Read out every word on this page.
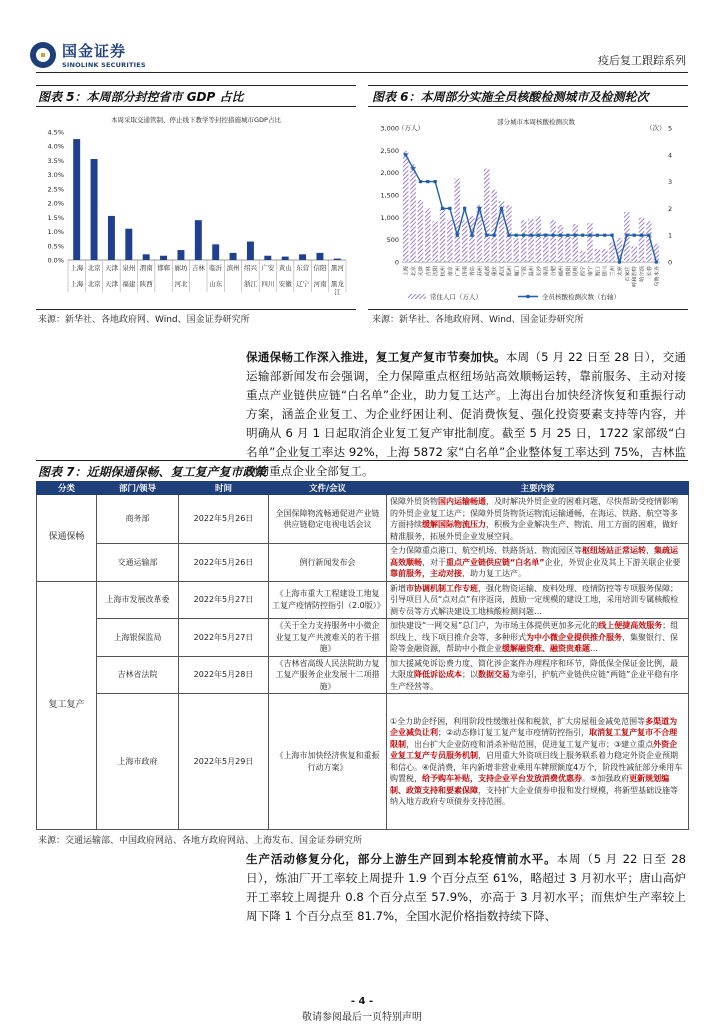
国金证券
SINOLINK SECURITIES	疫后复工跟踪系列
图表 5：本周部分封控省市 GDP 占比	图表 6：本周部分实施全员核酸检测城市及检测轮次
本周采取交通管制、停止线下教学等封控措施城市GDP占比
0.0%
0.5%
1.0%
1.5%
2.0%
2.5%
3.0%
3.5%
4.0%
4.5%
上海 北京 天津 泉州 渭南 邯郸 廊坊 吉林 临沂 滨州 绍兴 广安 黄山 东营 信阳 黑河
上海 北京 天津 福建 陕西	河北	山东	浙江 四川 安徽 辽宁 河南 黑龙江
部分城市本周核酸检测次数
（万人）	（次）
0
500
1,000
1,500
2,000
2,500
3,000
0
1
2
3
4
5
上海 北京 天津 吉林 沈阳 杭州 南京 广州 济南 青岛 苏州 成都 重庆 武汉 郑州 厦门 宁波 温州 长沙 南昌 合肥 福州 贵阳 昆明 西宁 南宁 海口 银川 兰州 太原 石家庄 呼和浩特 哈尔滨 长春 乌鲁木齐
常住人口（万人）	全员核酸检测次数（右轴）
来源：新华社、各地政府网、Wind、国金证券研究所	来源：新华社、各地政府网、Wind、国金证券研究所
保通保畅工作深入推进，复工复产复市节奏加快。本周（5 月 22 日至 28 日），交通运输部新闻发布会强调，全力保障重点枢纽场站高效顺畅运转，靠前服务、主动对接重点产业链供应链“白名单”企业，助力复工达产。上海出台加快经济恢复和重振行动方案，涵盖企业复工、为企业纾困让利、促消费恢复、强化投资要素支持等内容，并明确从 6 月 1 日起取消企业复工复产审批制度。截至 5 月 25 日，1722 家部级“白名单”企业复工率达 92%，上海 5872 家“白名单”企业整体复工率达到 75%，吉林监测的重点企业全部复工。
图表 7：近期保通保畅、复工复产复市政策
分类	部门/领导	时间	文件/会议	主要内容
保通保畅	商务部	2022年5月26日	全国保障物流畅通促进产业链供应链稳定电视电话会议	保障外贸货物国内运输畅通，及时解决外贸企业的困难问题，尽快帮助受疫情影响的外贸企业复工达产；保障外贸货物货运物流运输通畅，在海运、铁路、航空等多方面持续缓解国际物流压力，积极为企业解决生产、物流、用工方面的困难，做好精准服务，拓展外贸企业发展空间。
	交通运输部	2022年5月26日	例行新闻发布会	全力保障重点港口、航空机场、铁路货站、物流园区等枢纽场站正常运转，集疏运高效顺畅，对于重点产业链供应链“白名单”企业，外贸企业及其上下游关联企业要靠前服务，主动对接，助力复工达产。
复工复产	上海市发展改革委	2022年5月27日	《上海市重大工程建设工地复工复产疫情防控指引（2.0版）》	新增市协调机制工作专班，强化物资运输、废料处理、疫情防控等专项服务保障；引导项目人员“点对点”有序返岗，鼓励一定规模的建设工地，采用培训专属核酸检测专员等方式解决建设工地核酸检测问题…
	上海银保监局	2022年5月27日	《关于全力支持服务中小微企业复工复产共渡难关的若干措施》	加快建设“一网交易”总门户，为市场主体提供更加多元化的线上便捷高效服务；组织线上、线下项目推介会等，多种形式为中小微企业提供推介服务，集聚银行、保险等金融资源，帮助中小微企业缓解融资难、融资贵难题…
	吉林省法院	2022年5月28日	《吉林省高级人民法院助力复工复产服务企业发展十二项措施》	加大援减免诉讼费力度、简化涉企案件办理程序和环节，降低保全保证金比例，最大限度降低诉讼成本；以数据交易为牵引，护航产业链供应链“两链”企业平稳有序生产经营等。
	上海市政府	2022年5月29日	《上海市加快经济恢复和重振行动方案》	①全力助企纾困，利用阶段性缓缴社保和税款，扩大房屋租金减免范围等多渠道为企业减负让利；②动态修订复工复产复市疫情防控指引，取消复工复产复市不合理限制，出台扩大企业防疫和消杀补贴范围，促进复工复产复市；③建立重点外资企业复工复产专员服务机制，启用重大外资项目线上服务联系着力稳定外资企业预期和信心。④促消费，年内新增非营业乘用车牌照额度4万个，阶段性减征部分乘用车购置税，给予购车补贴，支持企业平台发放消费优惠券。⑤加强政府更新规划编制、政策支持和要素保障，支持扩大企业债券申报和发行规模，将新型基础设施等纳入地方政府专项债券支持范围。
来源：交通运输部、中国政府网站、各地方政府网站、上海发布、国金证券研究所
生产活动修复分化，部分上游生产回到本轮疫情前水平。本周（5 月 22 日至 28 日），炼油厂开工率较上周提升 1.9 个百分点至 61%，略超过 3 月初水平；唐山高炉开工率较上周提升 0.8 个百分点至 57.9%，亦高于 3 月初水平；而焦炉生产率较上周下降 1 个百分点至 81.7%，全国水泥价格指数持续下降、
- 4 -
敬请参阅最后一页特别声明
